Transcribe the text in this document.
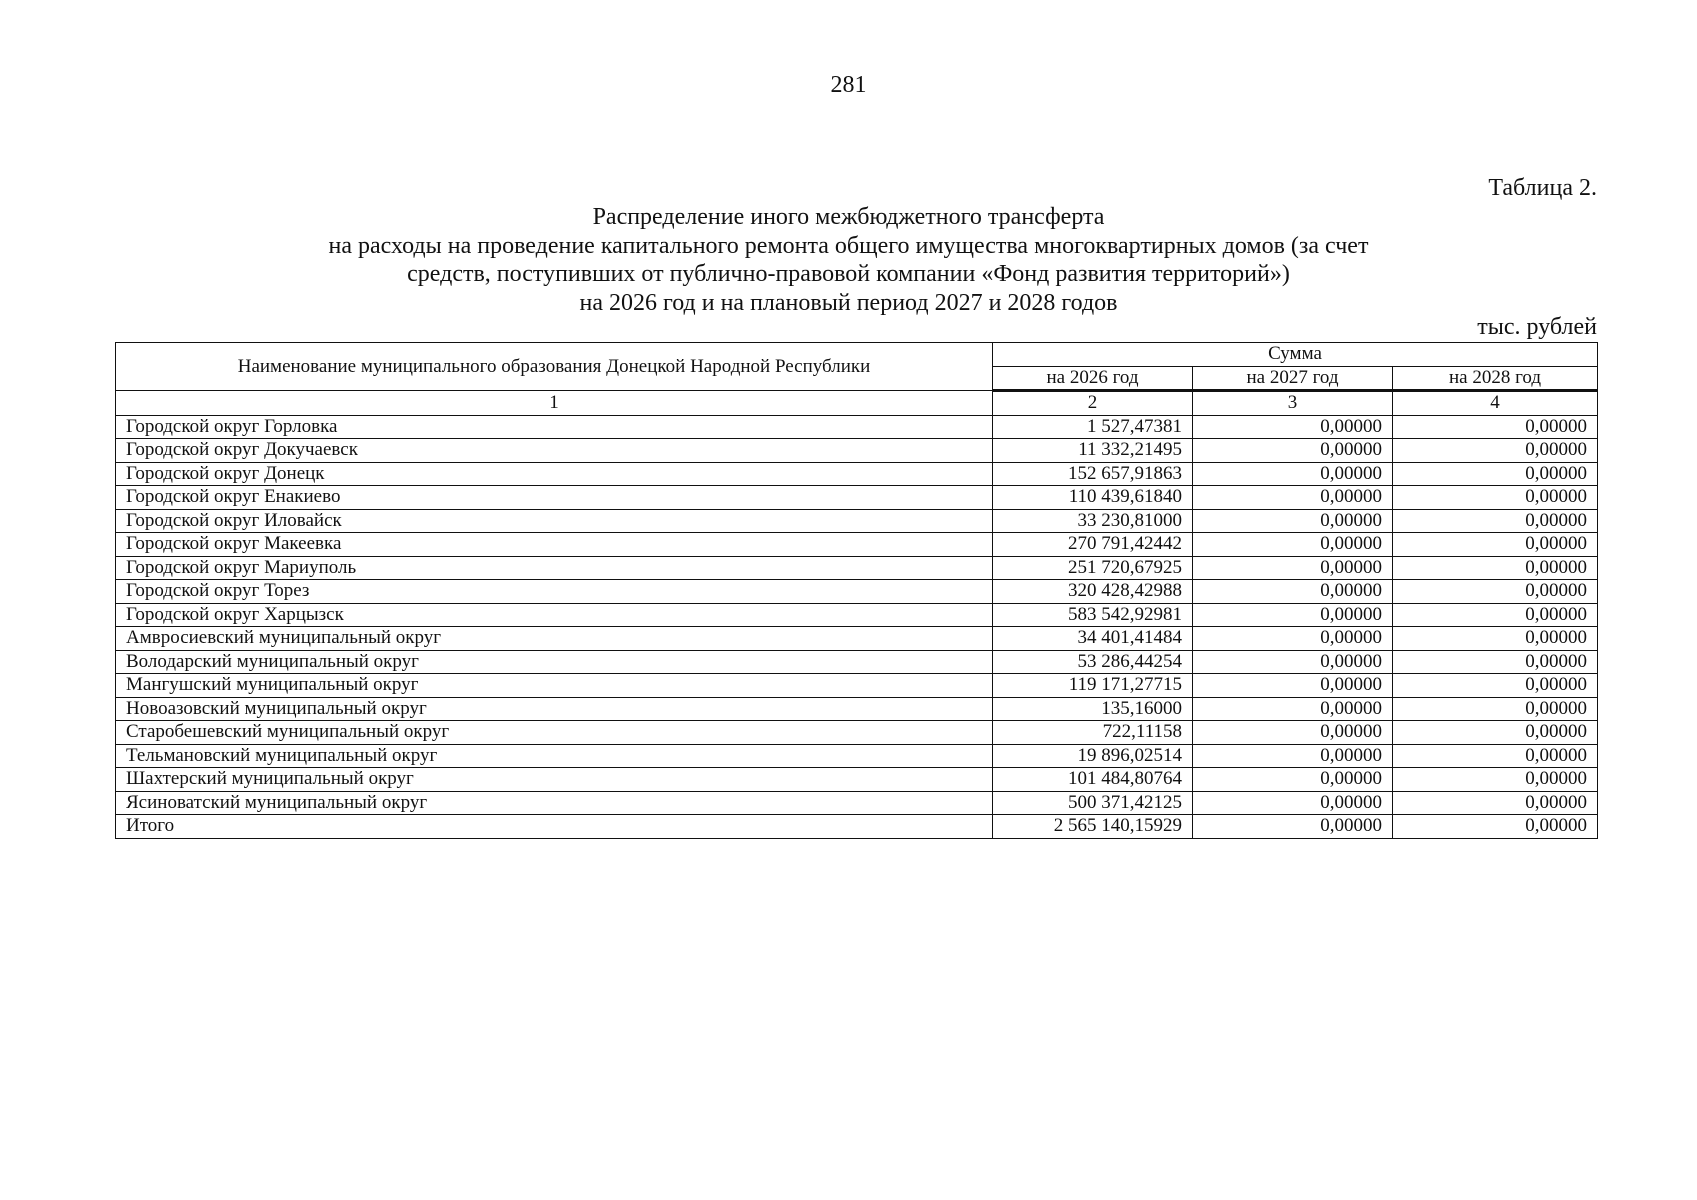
281
Таблица 2.
Распределение иного межбюджетного трансферта
на расходы на проведение капитального ремонта общего имущества многоквартирных домов (за счет
средств, поступивших от публично-правовой компании «Фонд развития территорий»)
на 2026 год и на плановый период 2027 и 2028 годов
тыс. рублей
Наименование муниципального образования Донецкой Народной Республики	Сумма		
	на 2026 год	на 2027 год	на 2028 год
1	2	3	4
Городской округ Горловка	1 527,47381	0,00000	0,00000
Городской округ Докучаевск	11 332,21495	0,00000	0,00000
Городской округ Донецк	152 657,91863	0,00000	0,00000
Городской округ Енакиево	110 439,61840	0,00000	0,00000
Городской округ Иловайск	33 230,81000	0,00000	0,00000
Городской округ Макеевка	270 791,42442	0,00000	0,00000
Городской округ Мариуполь	251 720,67925	0,00000	0,00000
Городской округ Торез	320 428,42988	0,00000	0,00000
Городской округ Харцызск	583 542,92981	0,00000	0,00000
Амвросиевский муниципальный округ	34 401,41484	0,00000	0,00000
Володарский муниципальный округ	53 286,44254	0,00000	0,00000
Мангушский муниципальный округ	119 171,27715	0,00000	0,00000
Новоазовский муниципальный округ	135,16000	0,00000	0,00000
Старобешевский муниципальный округ	722,11158	0,00000	0,00000
Тельмановский муниципальный округ	19 896,02514	0,00000	0,00000
Шахтерский муниципальный округ	101 484,80764	0,00000	0,00000
Ясиноватский муниципальный округ	500 371,42125	0,00000	0,00000
Итого	2 565 140,15929	0,00000	0,00000
